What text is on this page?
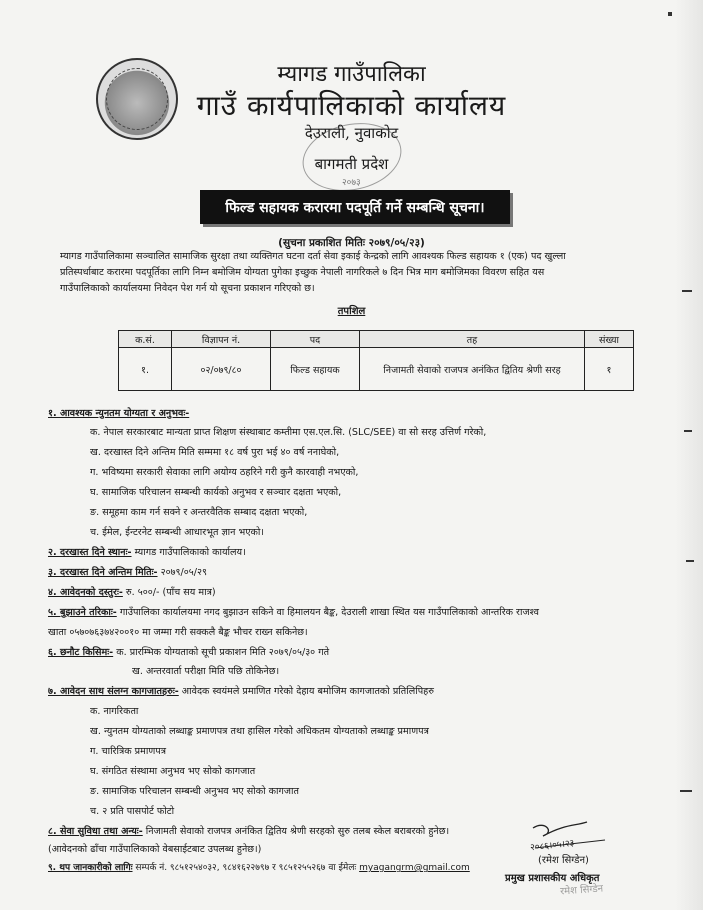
म्यागड गाउँपालिका
गाउँ कार्यपालिकाको कार्यालय
देउराली, नुवाकोट
बागमती प्रदेश
२०७३
फिल्ड सहायक करारमा पदपूर्ति गर्ने सम्बन्धि सूचना।
(सुचना प्रकाशित मितिः २०७९/०५/२३)
म्यागड गाउँपालिकामा सञ्चालित सामाजिक सुरक्षा तथा व्यक्तिगत घटना दर्ता सेवा इकाई केन्द्रको लागि आवश्यक फिल्ड सहायक १ (एक) पद खुल्ला
प्रतिस्पर्धाबाट करारमा पदपूर्तिका लागि निम्न बमोजिम योग्यता पुगेका इच्छुक नेपाली नागरिकले ७ दिन भित्र माग बमोजिमका विवरण सहित यस
गाउँपालिकाको कार्यालयमा निवेदन पेश गर्न यो सूचना प्रकाशन गरिएको छ।
तपशिल
क.सं.	विज्ञापन नं.	पद	तह	संख्या
१.	०२/०७९/८०	फिल्ड सहायक	निजामती सेवाको राजपत्र अनंकित द्वितिय श्रेणी सरह	१
१. आवश्यक न्युनतम योग्यता र अनुभवः-
क. नेपाल सरकारबाट मान्यता प्राप्त शिक्षण संस्थाबाट कम्तीमा एस.एल.सि. (SLC/SEE) वा सो सरह उत्तिर्ण गरेको,
ख. दरखास्त दिने अन्तिम मिति सम्ममा १८ वर्ष पुरा भई ४० वर्ष ननाघेको,
ग. भविष्यमा सरकारी सेवाका लागि अयोग्य ठहरिने गरी कुनै कारवाही नभएको,
घ. सामाजिक परिचालन सम्बन्धी कार्यको अनुभव र सञ्चार दक्षता भएको,
ङ. समूहमा काम गर्न सक्ने र अन्तरवैतिक सम्बाद दक्षता भएको,
च. ईमेल, ईन्टरनेट सम्बन्धी आधारभूत ज्ञान भएको।
२. दरखास्त दिने स्थानः- म्यागड गाउँपालिकाको कार्यालय।
३. दरखास्त दिने अन्तिम मितिः- २०७९/०५/२९
४. आवेदनको दस्तुरः- रु. ५००/- (पाँच सय मात्र)
५. बुझाउने तरिकाः- गाउँपालिका कार्यालयमा नगद बुझाउन सकिने वा हिमालयन बैङ्क, देउराली शाखा स्थित यस गाउँपालिकाको आन्तरिक राजश्व
खाता ०५७०७६३७४२००१० मा जम्मा गरी सक्कलै बैङ्क भौचर राख्न सकिनेछ।
६. छनौट किसिमः- क. प्रारम्भिक योग्यताको सूची प्रकाशन मिति २०७९/०५/३० गते
ख. अन्तरवार्ता परीक्षा मिति पछि तोकिनेछ।
७. आवेदन साथ संलग्न कागजातहरुः- आवेदक स्वयंमले प्रमाणित गरेको देहाय बमोजिम कागजातको प्रतिलिपिहरु
क. नागरिकता
ख. न्युनतम योग्यताको लब्धाङ्क प्रमाणपत्र तथा हासिल गरेको अधिकतम योग्यताको लब्धाङ्क प्रमाणपत्र
ग. चारित्रिक प्रमाणपत्र
घ. संगठित संस्थामा अनुभव भए सोको कागजात
ङ. सामाजिक परिचालन सम्बन्धी अनुभव भए सोको कागजात
च. २ प्रति पासपोर्ट फोटो
८. सेवा सुविधा तथा अन्यः- निजामती सेवाको राजपत्र अनंकित द्वितिय श्रेणी सरहको सुरु तलब स्केल बराबरको हुनेछ।
(आवेदनको ढाँचा गाउँपालिकाको वेबसाईटबाट उपलब्ध हुनेछ।)
९. थप जानकारीको लागिः सम्पर्क नं. ९८५१२५४०३२, ९८४१६२२७९७ र ९८५१२५५२६७ वा ईमेलः myagangrm@gmail.com
२०८६।०५।२३
(रमेश सिग्डेन)
प्रमुख प्रशासकीय अधिकृत
रमेश सिग्डेन
